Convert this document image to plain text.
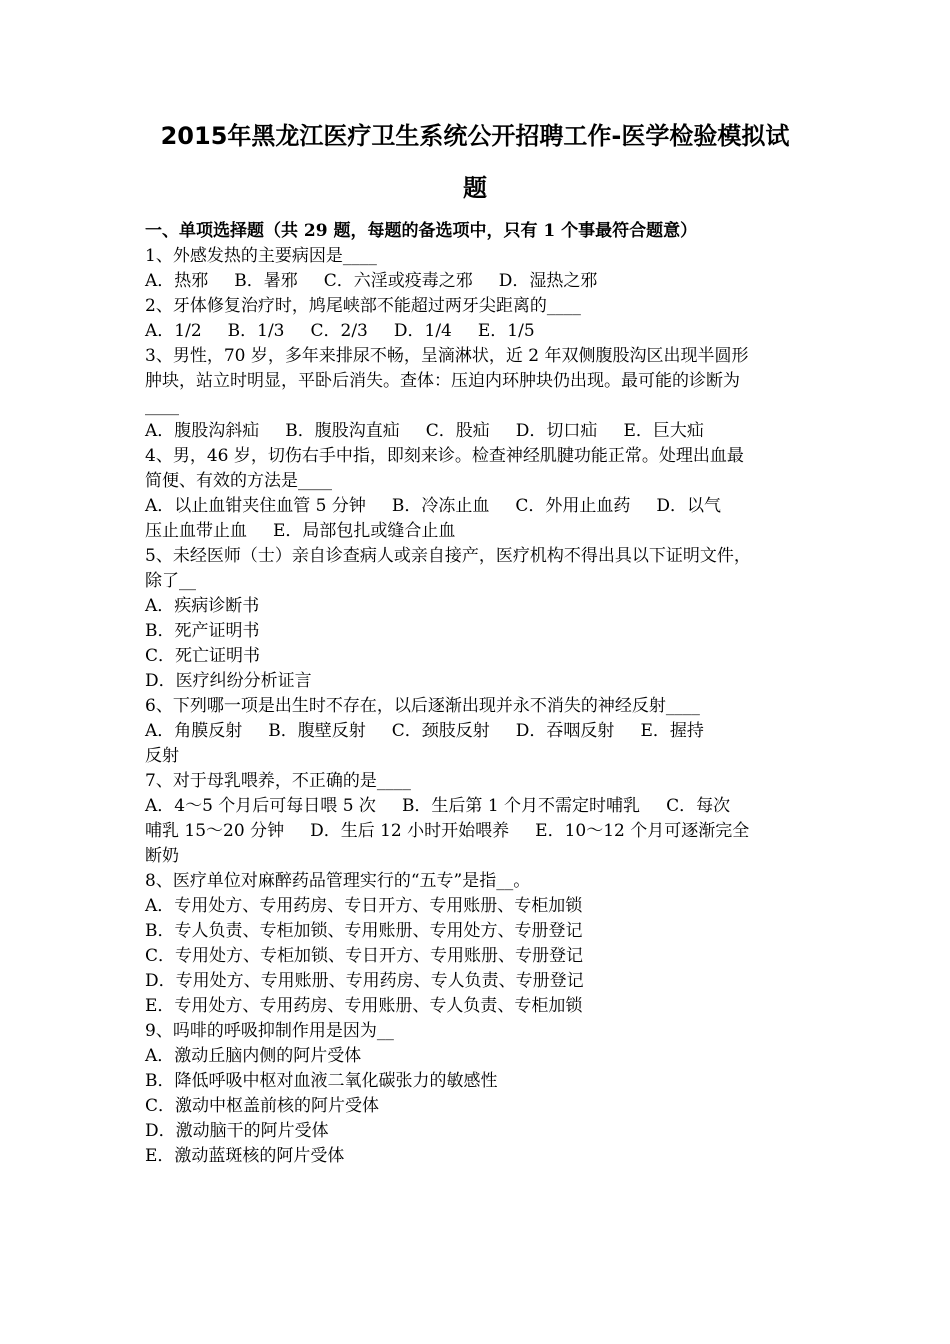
2015年黑龙江医疗卫生系统公开招聘工作-医学检验模拟试
题
一、单项选择题（共 29 题，每题的备选项中，只有 1 个事最符合题意）
1、外感发热的主要病因是____
A．热邪 B．暑邪 C．六淫或疫毒之邪 D．湿热之邪
2、牙体修复治疗时，鸠尾峡部不能超过两牙尖距离的____
A．1/2 B．1/3 C．2/3 D．1/4 E．1/5
3、男性，70 岁，多年来排尿不畅，呈滴淋状，近 2 年双侧腹股沟区出现半圆形
肿块，站立时明显，平卧后消失。查体：压迫内环肿块仍出现。最可能的诊断为
____
A．腹股沟斜疝 B．腹股沟直疝 C．股疝 D．切口疝 E．巨大疝
4、男，46 岁，切伤右手中指，即刻来诊。检查神经肌腱功能正常。处理出血最
简便、有效的方法是____
A．以止血钳夹住血管 5 分钟 B．冷冻止血 C．外用止血药 D．以气
压止血带止血 E．局部包扎或缝合止血
5、未经医师（士）亲自诊查病人或亲自接产，医疗机构不得出具以下证明文件，
除了__
A．疾病诊断书
B．死产证明书
C．死亡证明书
D．医疗纠纷分析证言
6、下列哪一项是出生时不存在，以后逐渐出现并永不消失的神经反射____
A．角膜反射 B．腹壁反射 C．颈肢反射 D．吞咽反射 E．握持
反射
7、对于母乳喂养，不正确的是____
A．4～5 个月后可每日喂 5 次 B．生后第 1 个月不需定时哺乳 C．每次
哺乳 15～20 分钟 D．生后 12 小时开始喂养 E．10～12 个月可逐渐完全
断奶
8、医疗单位对麻醉药品管理实行的“五专”是指__。
A．专用处方、专用药房、专日开方、专用账册、专柜加锁
B．专人负责、专柜加锁、专用账册、专用处方、专册登记
C．专用处方、专柜加锁、专日开方、专用账册、专册登记
D．专用处方、专用账册、专用药房、专人负责、专册登记
E．专用处方、专用药房、专用账册、专人负责、专柜加锁
9、吗啡的呼吸抑制作用是因为__
A．激动丘脑内侧的阿片受体
B．降低呼吸中枢对血液二氧化碳张力的敏感性
C．激动中枢盖前核的阿片受体
D．激动脑干的阿片受体
E．激动蓝斑核的阿片受体
